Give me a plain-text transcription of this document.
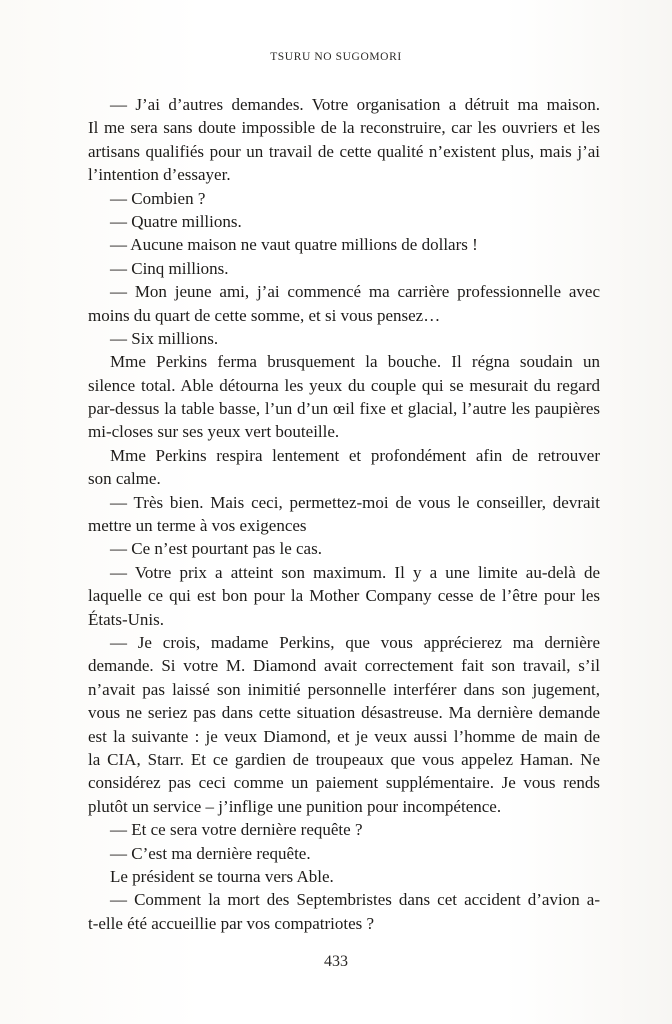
TSURU NO SUGOMORI
— J’ai d’autres demandes. Votre organisation a détruit ma maison.
Il me sera sans doute impossible de la reconstruire, car les ouvriers et les
artisans qualifiés pour un travail de cette qualité n’existent plus, mais j’ai
l’intention d’essayer.
— Combien ?
— Quatre millions.
— Aucune maison ne vaut quatre millions de dollars !
— Cinq millions.
— Mon jeune ami, j’ai commencé ma carrière professionnelle avec
moins du quart de cette somme, et si vous pensez…
— Six millions.
Mme Perkins ferma brusquement la bouche. Il régna soudain un
silence total. Able détourna les yeux du couple qui se mesurait du regard
par-dessus la table basse, l’un d’un œil fixe et glacial, l’autre les paupières
mi-closes sur ses yeux vert bouteille.
Mme Perkins respira lentement et profondément afin de retrouver
son calme.
— Très bien. Mais ceci, permettez-moi de vous le conseiller, devrait
mettre un terme à vos exigences
— Ce n’est pourtant pas le cas.
— Votre prix a atteint son maximum. Il y a une limite au-delà de
laquelle ce qui est bon pour la Mother Company cesse de l’être pour les
États-Unis.
— Je crois, madame Perkins, que vous apprécierez ma dernière
demande. Si votre M. Diamond avait correctement fait son travail, s’il
n’avait pas laissé son inimitié personnelle interférer dans son jugement,
vous ne seriez pas dans cette situation désastreuse. Ma dernière demande
est la suivante : je veux Diamond, et je veux aussi l’homme de main de
la CIA, Starr. Et ce gardien de troupeaux que vous appelez Haman. Ne
considérez pas ceci comme un paiement supplémentaire. Je vous rends
plutôt un service – j’inflige une punition pour incompétence.
— Et ce sera votre dernière requête ?
— C’est ma dernière requête.
Le président se tourna vers Able.
— Comment la mort des Septembristes dans cet accident d’avion a-
t-elle été accueillie par vos compatriotes ?
433
